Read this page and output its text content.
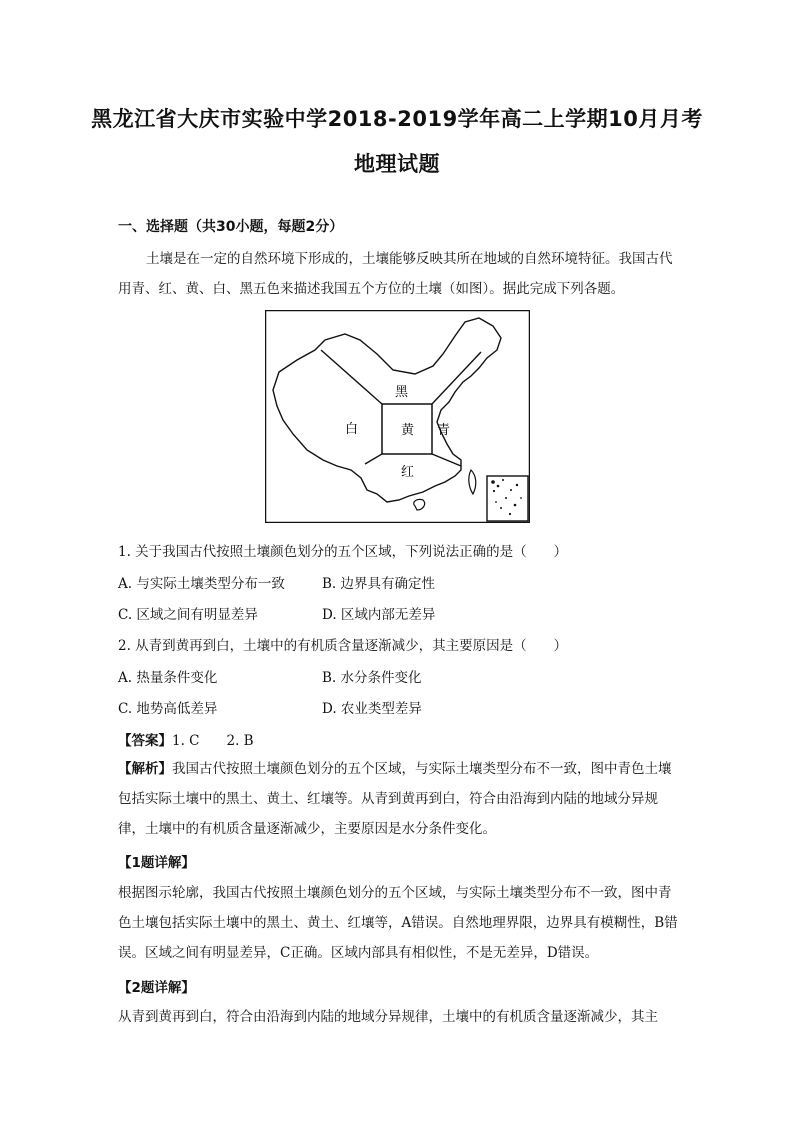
黑龙江省大庆市实验中学2018-2019学年高二上学期10月月考
地理试题
一、选择题（共30小题，每题2分）
土壤是在一定的自然环境下形成的，土壤能够反映其所在地域的自然环境特征。我国古代用青、红、黄、白、黑五色来描述我国五个方位的土壤（如图）。据此完成下列各题。
黑
白	黄 青
红
1. 关于我国古代按照土壤颜色划分的五个区域，下列说法正确的是（　　）
A. 与实际土壤类型分布一致	B. 边界具有确定性
C. 区域之间有明显差异	D. 区域内部无差异
2. 从青到黄再到白，土壤中的有机质含量逐渐减少，其主要原因是（　　）
A. 热量条件变化	B. 水分条件变化
C. 地势高低差异	D. 农业类型差异
【答案】1. C　　2. B
【解析】我国古代按照土壤颜色划分的五个区域，与实际土壤类型分布不一致，图中青色土壤包括实际土壤中的黑土、黄土、红壤等。从青到黄再到白，符合由沿海到内陆的地域分异规律，土壤中的有机质含量逐渐减少，主要原因是水分条件变化。
【1题详解】
根据图示轮廓，我国古代按照土壤颜色划分的五个区域，与实际土壤类型分布不一致，图中青色土壤包括实际土壤中的黑土、黄土、红壤等，A错误。自然地理界限，边界具有模糊性，B错误。区域之间有明显差异，C正确。区域内部具有相似性，不是无差异，D错误。
【2题详解】
从青到黄再到白，符合由沿海到内陆的地域分异规律，土壤中的有机质含量逐渐减少，其主
